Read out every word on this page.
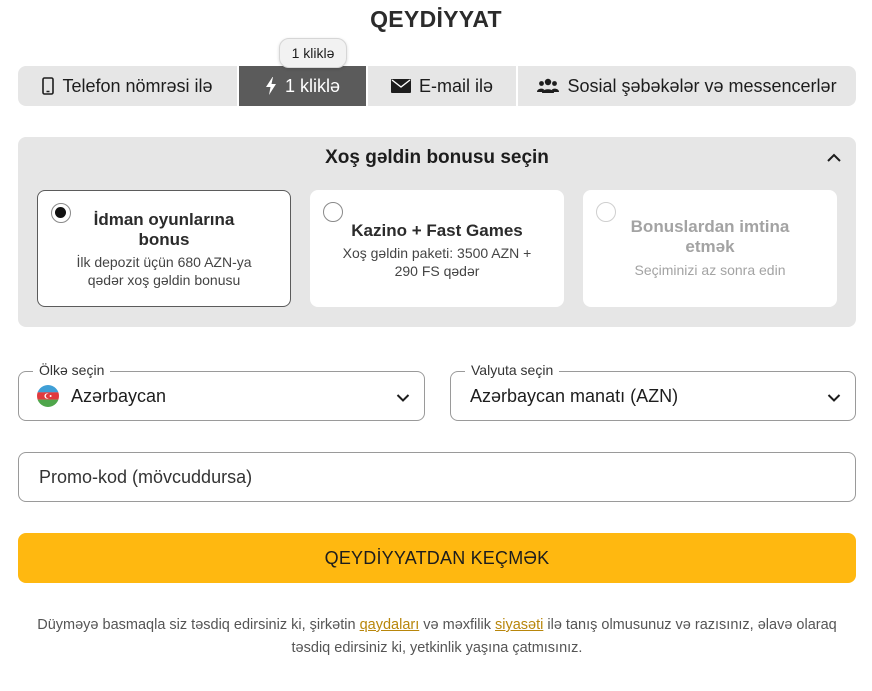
QEYDİYYAT
1 kliklə
Telefon nömrəsi ilə	1 kliklə	E-mail ilə	Sosial şəbəkələr və messencerlər
Xoş gəldin bonusu seçin
İdman oyunlarına bonus
İlk depozit üçün 680 AZN-ya qədər xoş gəldin bonusu
Kazino + Fast Games
Xoş gəldin paketi: 3500 AZN + 290 FS qədər
Bonuslardan imtina etmək
Seçiminizi az sonra edin
Ölkə seçin
Azərbaycan
Valyuta seçin
Azərbaycan manatı (AZN)
Promo-kod (mövcuddursa)
QEYDİYYATDAN KEÇMƏK
Düyməyə basmaqla siz təsdiq edirsiniz ki, şirkətin qaydaları və məxfilik siyasəti ilə tanış olmusunuz və razısınız, əlavə olaraq təsdiq edirsiniz ki, yetkinlik yaşına çatmısınız.
